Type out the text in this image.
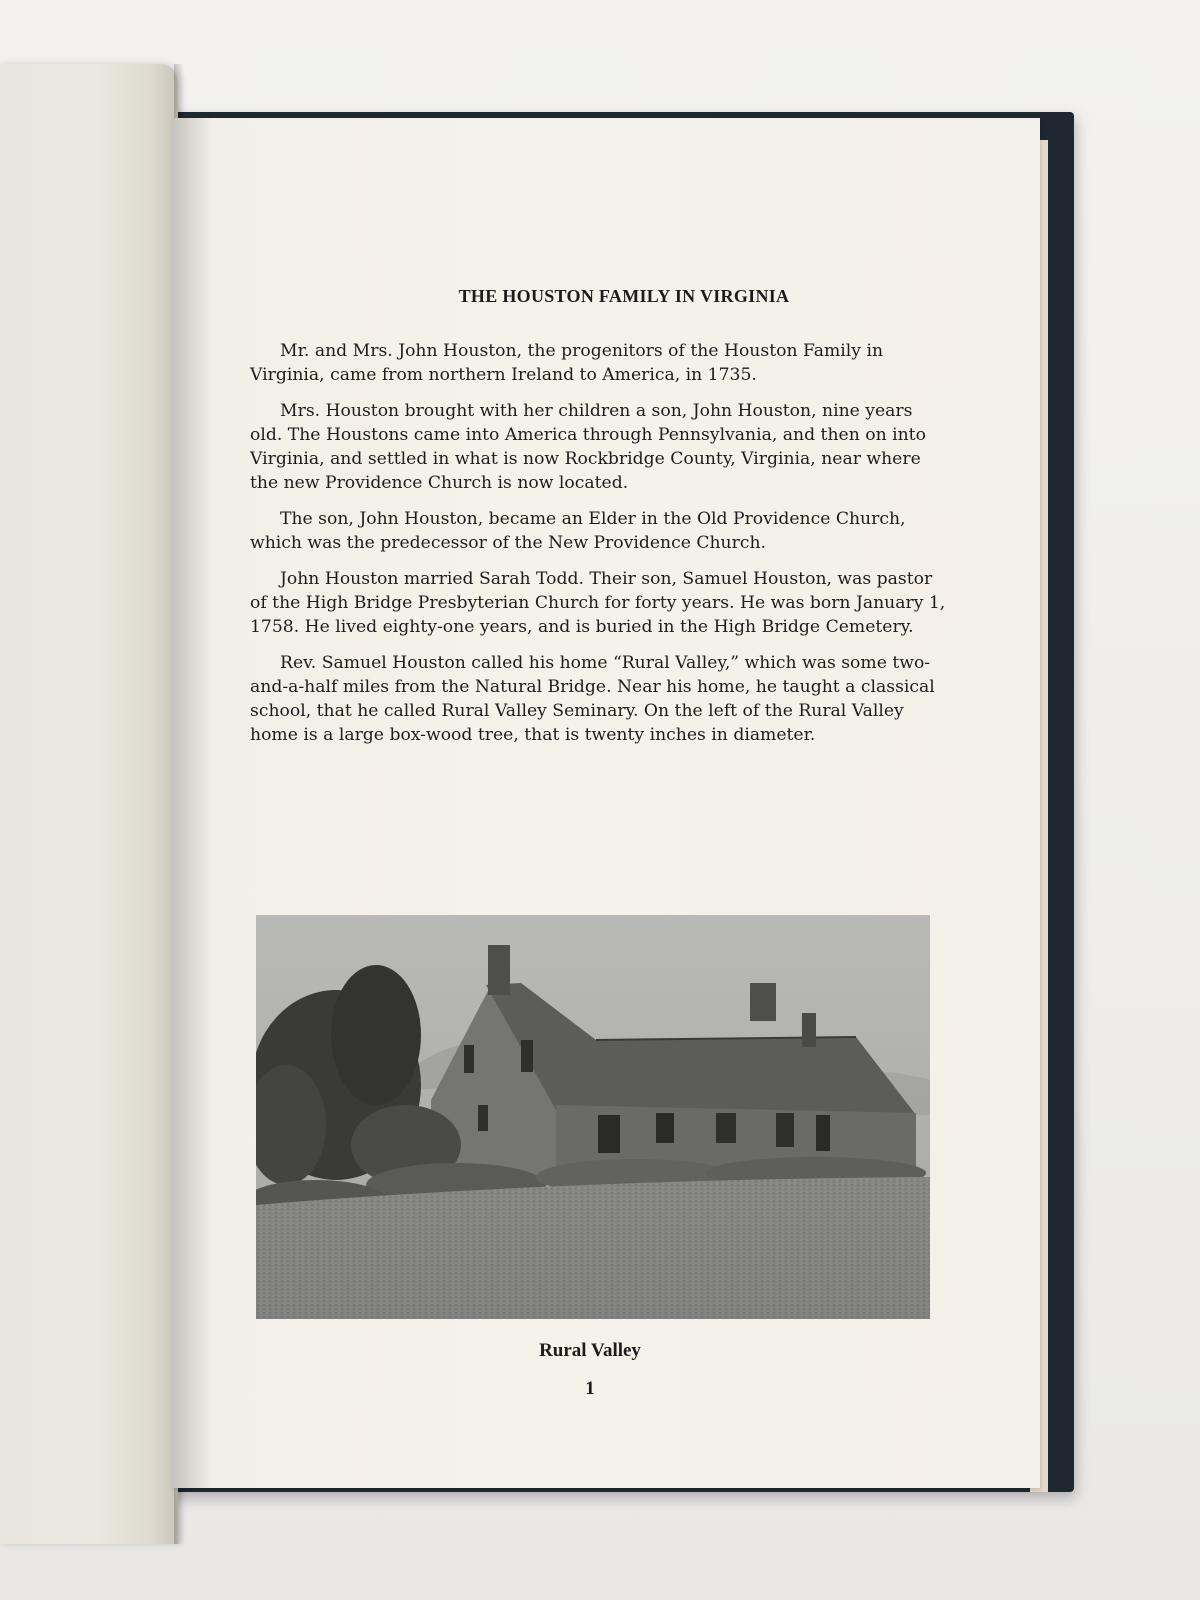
THE HOUSTON FAMILY IN VIRGINIA

Mr. and Mrs. John Houston, the progenitors of the Houston Family in Virginia, came from northern Ireland to America, in 1735.

Mrs. Houston brought with her children a son, John Houston, nine years old. The Houstons came into America through Pennsylvania, and then on into Virginia, and settled in what is now Rockbridge County, Virginia, near where the new Providence Church is now located.

The son, John Houston, became an Elder in the Old Providence Church, which was the predecessor of the New Providence Church.

John Houston married Sarah Todd. Their son, Samuel Houston, was pastor of the High Bridge Presbyterian Church for forty years. He was born January 1, 1758. He lived eighty-one years, and is buried in the High Bridge Cemetery.

Rev. Samuel Houston called his home “Rural Valley,” which was some two-and-a-half miles from the Natural Bridge. Near his home, he taught a classical school, that he called Rural Valley Seminary. On the left of the Rural Valley home is a large box-wood tree, that is twenty inches in diameter.

Rural Valley
1
